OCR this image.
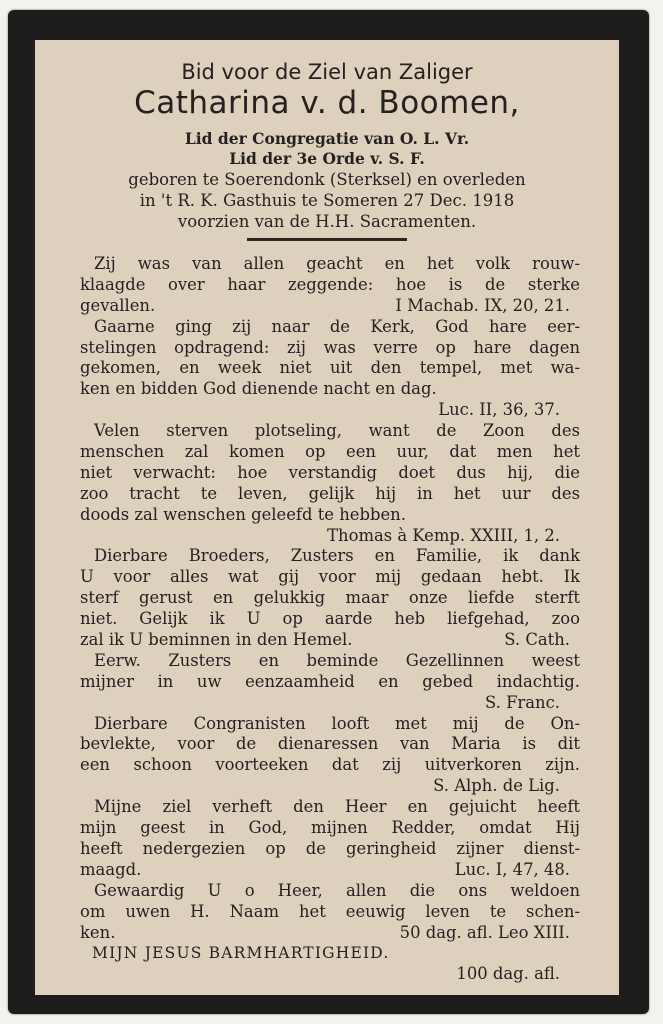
Bid voor de Ziel van Zaliger
Catharina v. d. Boomen,
Lid der Congregatie van O. L. Vr.
Lid der 3e Orde v. S. F.
geboren te Soerendonk (Sterksel) en overleden
in 't R. K. Gasthuis te Someren 27 Dec. 1918
voorzien van de H.H. Sacramenten.
Zij was van allen geacht en het volk rouw-
klaagde over haar zeggende: hoe is de sterke
gevallen.	I Machab. IX, 20, 21.
Gaarne ging zij naar de Kerk, God hare eer-
stelingen opdragend: zij was verre op hare dagen
gekomen, en week niet uit den tempel, met wa-
ken en bidden God dienende nacht en dag.
Luc. II, 36, 37.
Velen sterven plotseling, want de Zoon des
menschen zal komen op een uur, dat men het
niet verwacht: hoe verstandig doet dus hij, die
zoo tracht te leven, gelijk hij in het uur des
doods zal wenschen geleefd te hebben.
Thomas à Kemp. XXIII, 1, 2.
Dierbare Broeders, Zusters en Familie, ik dank
U voor alles wat gij voor mij gedaan hebt. Ik
sterf gerust en gelukkig maar onze liefde sterft
niet. Gelijk ik U op aarde heb liefgehad, zoo
zal ik U beminnen in den Hemel.	S. Cath.
Eerw. Zusters en beminde Gezellinnen weest
mijner in uw eenzaamheid en gebed indachtig.
S. Franc.
Dierbare Congranisten looft met mij de On-
bevlekte, voor de dienaressen van Maria is dit
een schoon voorteeken dat zij uitverkoren zijn.
S. Alph. de Lig.
Mijne ziel verheft den Heer en gejuicht heeft
mijn geest in God, mijnen Redder, omdat Hij
heeft nedergezien op de geringheid zijner dienst-
maagd.	Luc. I, 47, 48.
Gewaardig U o Heer, allen die ons weldoen
om uwen H. Naam het eeuwig leven te schen-
ken.	50 dag. afl. Leo XIII.
MIJN JESUS BARMHARTIGHEID.
100 dag. afl.
